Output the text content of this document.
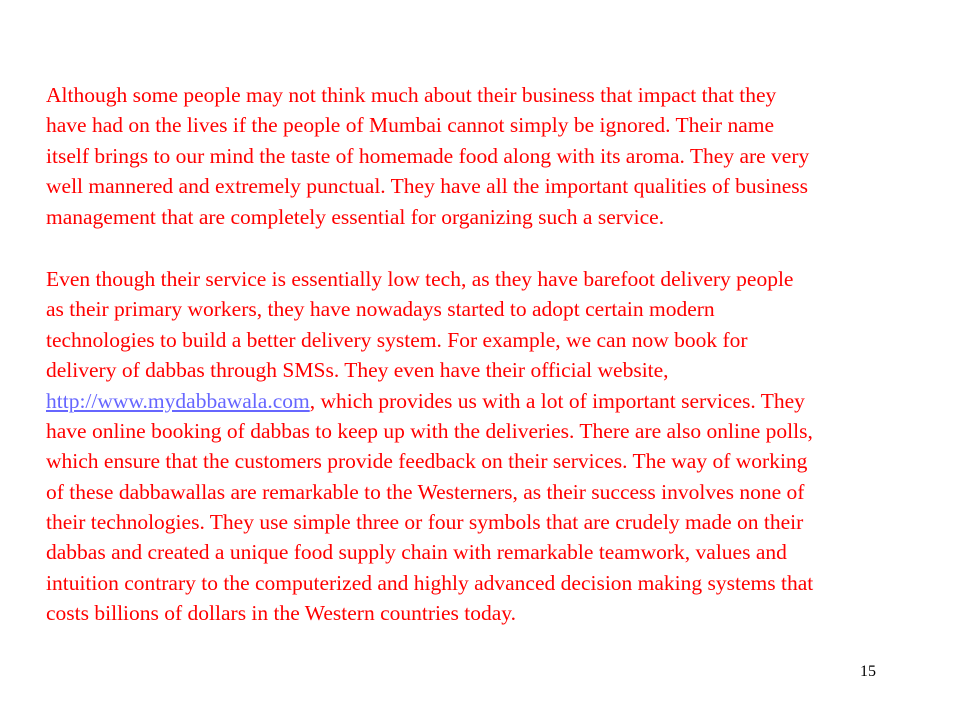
Although some people may not think much about their business that impact that they
have had on the lives if the people of Mumbai cannot simply be ignored. Their name
itself brings to our mind the taste of homemade food along with its aroma. They are very
well mannered and extremely punctual. They have all the important qualities of business
management that are completely essential for organizing such a service.

Even though their service is essentially low tech, as they have barefoot delivery people
as their primary workers, they have nowadays started to adopt certain modern
technologies to build a better delivery system. For example, we can now book for
delivery of dabbas through SMSs. They even have their official website,
http://www.mydabbawala.com, which provides us with a lot of important services. They
have online booking of dabbas to keep up with the deliveries. There are also online polls,
which ensure that the customers provide feedback on their services. The way of working
of these dabbawallas are remarkable to the Westerners, as their success involves none of
their technologies. They use simple three or four symbols that are crudely made on their
dabbas and created a unique food supply chain with remarkable teamwork, values and
intuition contrary to the computerized and highly advanced decision making systems that
costs billions of dollars in the Western countries today.

15
